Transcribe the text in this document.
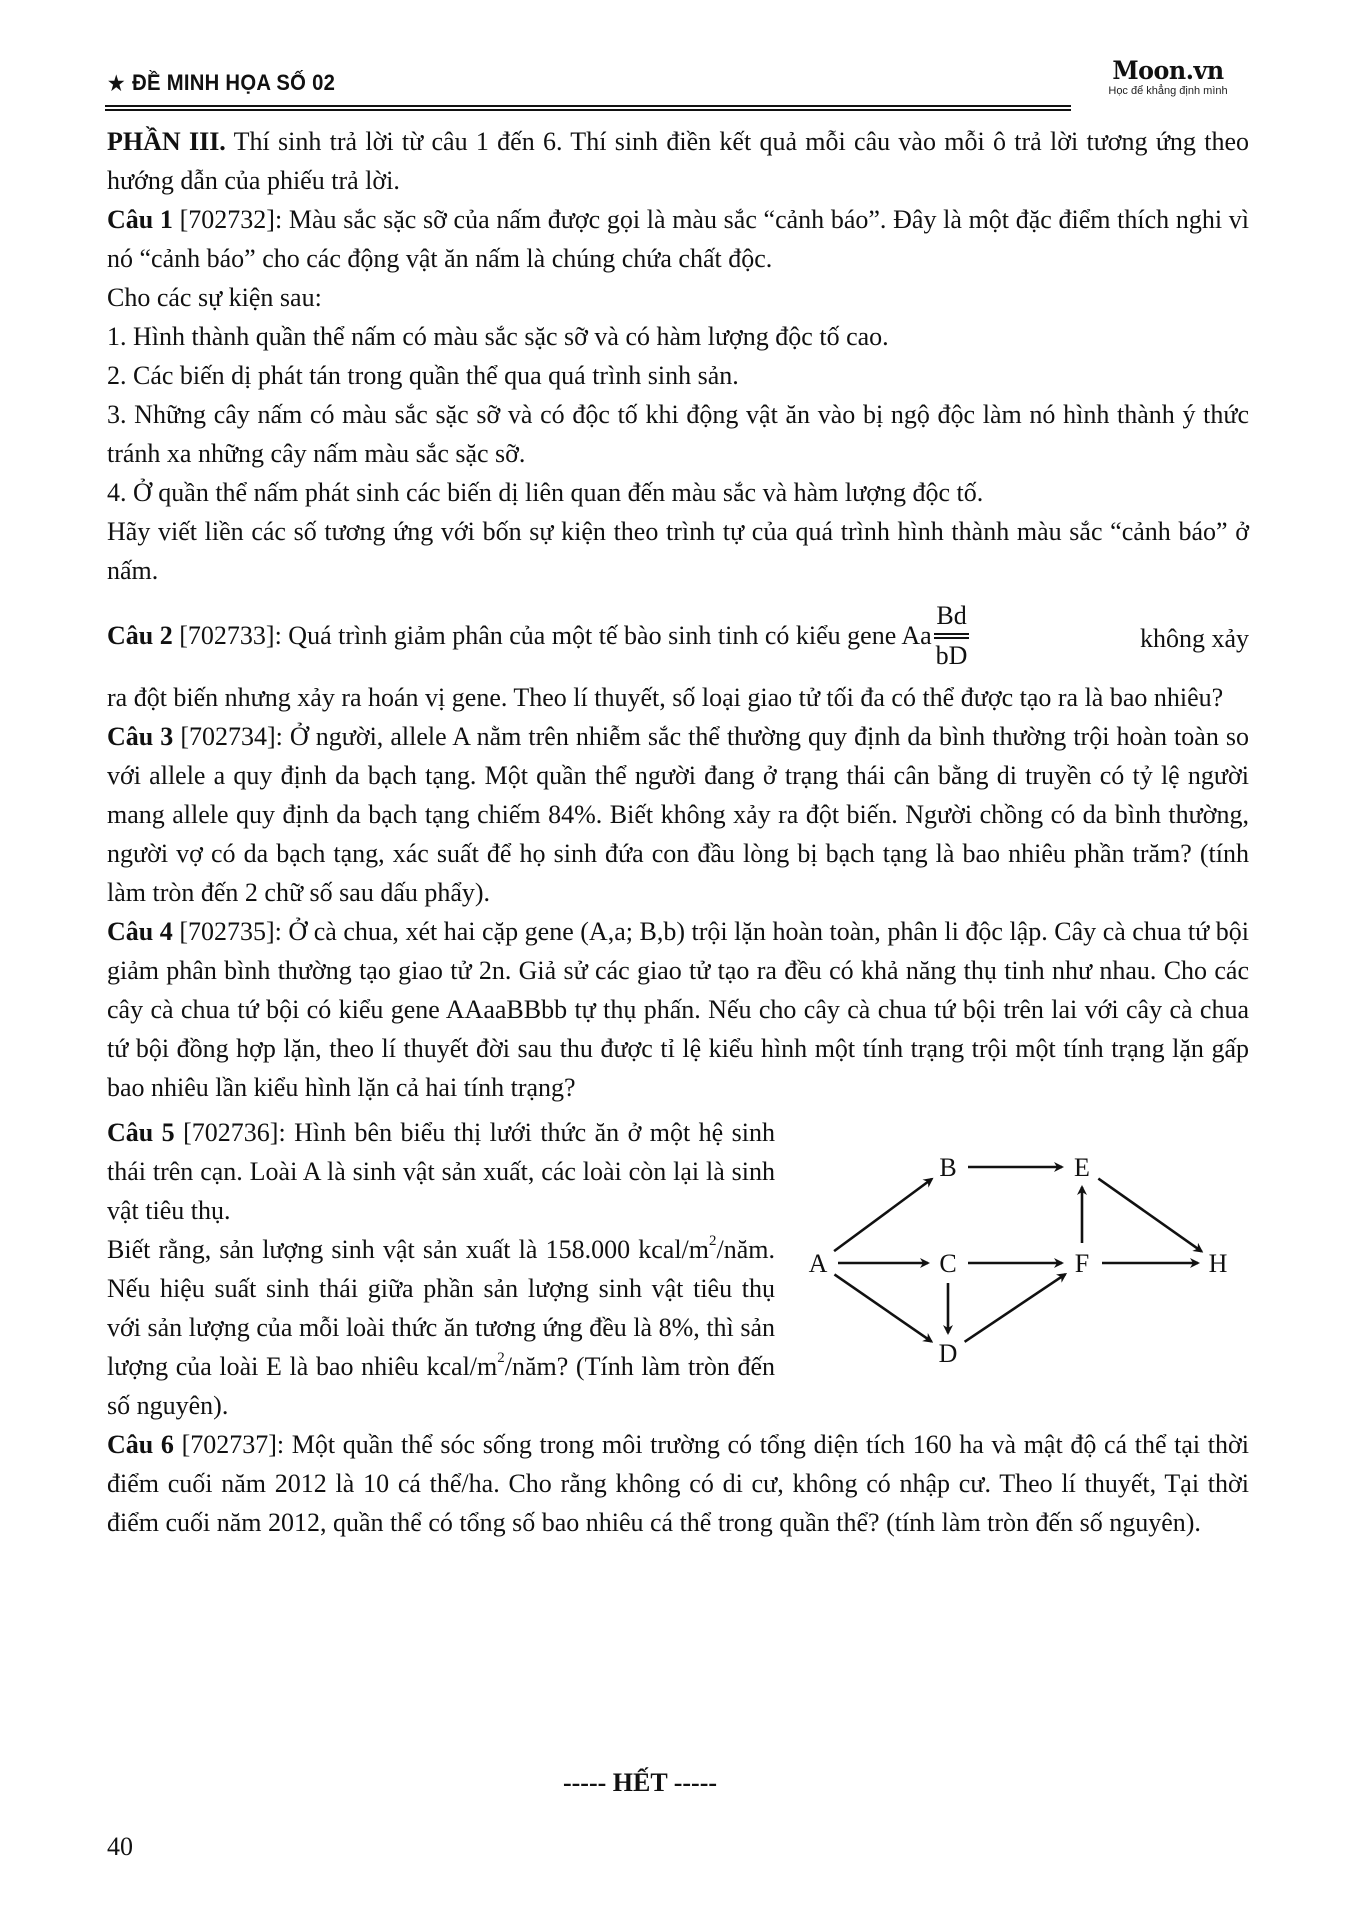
★ ĐỀ MINH HỌA SỐ 02	Moon.vn
Học để khẳng định mình

PHẦN III. Thí sinh trả lời từ câu 1 đến 6. Thí sinh điền kết quả mỗi câu vào mỗi ô trả lời tương ứng theo hướng dẫn của phiếu trả lời.

Câu 1 [702732]: Màu sắc sặc sỡ của nấm được gọi là màu sắc “cảnh báo”. Đây là một đặc điểm thích nghi vì nó “cảnh báo” cho các động vật ăn nấm là chúng chứa chất độc.

Cho các sự kiện sau:

1. Hình thành quần thể nấm có màu sắc sặc sỡ và có hàm lượng độc tố cao.

2. Các biến dị phát tán trong quần thể qua quá trình sinh sản.

3. Những cây nấm có màu sắc sặc sỡ và có độc tố khi động vật ăn vào bị ngộ độc làm nó hình thành ý thức tránh xa những cây nấm màu sắc sặc sỡ.

4. Ở quần thể nấm phát sinh các biến dị liên quan đến màu sắc và hàm lượng độc tố.

Hãy viết liền các số tương ứng với bốn sự kiện theo trình tự của quá trình hình thành màu sắc “cảnh báo” ở nấm.

Câu 2 [702733]: Quá trình giảm phân của một tế bào sinh tinh có kiểu gene Aa
Bd
bD
không xảy

ra đột biến nhưng xảy ra hoán vị gene. Theo lí thuyết, số loại giao tử tối đa có thể được tạo ra là bao nhiêu?

Câu 3 [702734]: Ở người, allele A nằm trên nhiễm sắc thể thường quy định da bình thường trội hoàn toàn so với allele a quy định da bạch tạng. Một quần thể người đang ở trạng thái cân bằng di truyền có tỷ lệ người mang allele quy định da bạch tạng chiếm 84%. Biết không xảy ra đột biến. Người chồng có da bình thường, người vợ có da bạch tạng, xác suất để họ sinh đứa con đầu lòng bị bạch tạng là bao nhiêu phần trăm? (tính làm tròn đến 2 chữ số sau dấu phẩy).

Câu 4 [702735]: Ở cà chua, xét hai cặp gene (A,a; B,b) trội lặn hoàn toàn, phân li độc lập. Cây cà chua tứ bội giảm phân bình thường tạo giao tử 2n. Giả sử các giao tử tạo ra đều có khả năng thụ tinh như nhau. Cho các cây cà chua tứ bội có kiểu gene AAaaBBbb tự thụ phấn. Nếu cho cây cà chua tứ bội trên lai với cây cà chua tứ bội đồng hợp lặn, theo lí thuyết đời sau thu được tỉ lệ kiểu hình một tính trạng trội một tính trạng lặn gấp bao nhiêu lần kiểu hình lặn cả hai tính trạng?

Câu 5 [702736]: Hình bên biểu thị lưới thức ăn ở một hệ sinh thái trên cạn. Loài A là sinh vật sản xuất, các loài còn lại là sinh vật tiêu thụ.

Biết rằng, sản lượng sinh vật sản xuất là 158.000 kcal/$m^2$/năm. Nếu hiệu suất sinh thái giữa phần sản lượng sinh vật tiêu thụ với sản lượng của mỗi loài thức ăn tương ứng đều là 8%, thì sản lượng của loài E là bao nhiêu kcal/$m^2$/năm? (Tính làm tròn đến số nguyên).

A
B
C
D
E
F	H

Câu 6 [702737]: Một quần thể sóc sống trong môi trường có tổng diện tích 160 ha và mật độ cá thể tại thời điểm cuối năm 2012 là 10 cá thể/ha. Cho rằng không có di cư, không có nhập cư. Theo lí thuyết, Tại thời điểm cuối năm 2012, quần thể có tổng số bao nhiêu cá thể trong quần thể? (tính làm tròn đến số nguyên).

----- HẾT -----
40
